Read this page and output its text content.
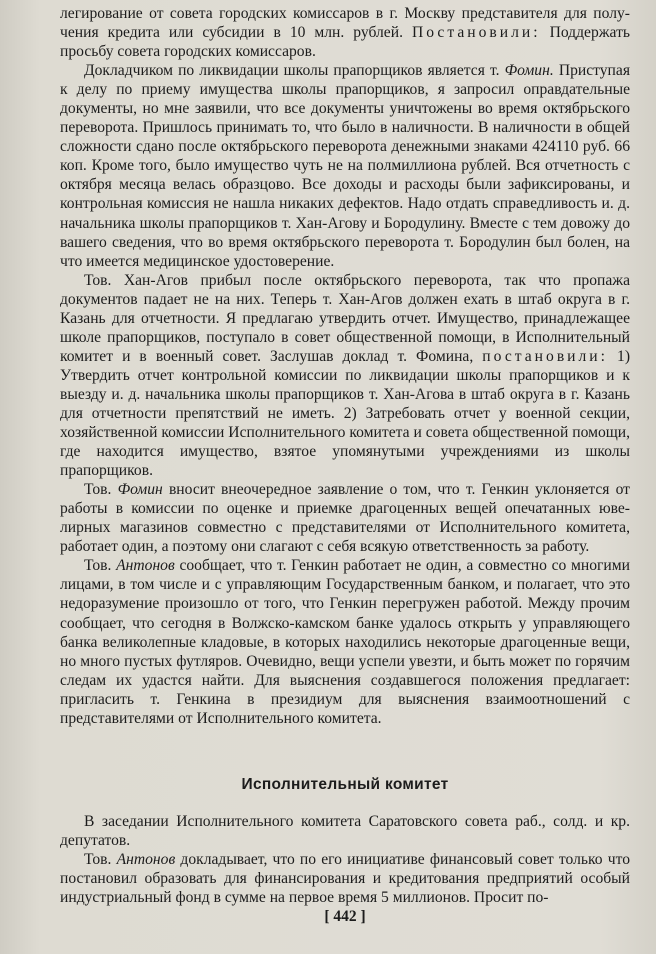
легирование от совета городских комиссаров в г. Москву представителя для получения кредита или субсидии в 10 млн. рублей. Постановили: Поддержать просьбу совета городских комиссаров.

Докладчиком по ликвидации школы прапорщиков является т. Фомин. Приступая к делу по приему имущества школы прапорщиков, я запросил оправдательные документы, но мне заявили, что все документы уничтожены во время октябрьского переворота. Пришлось принимать то, что было в наличности. В наличности в общей сложности сдано после октябрьского переворота денежными знаками 424110 руб. 66 коп. Кроме того, было имущество чуть не на полмиллиона рублей. Вся отчетность с октября месяца велась образцово. Все доходы и расходы были зафиксированы, и контрольная комиссия не нашла никаких дефектов. Надо отдать справедливость и. д. начальника школы прапорщиков т. Хан-Агову и Бородулину. Вместе с тем довожу до вашего сведения, что во время октябрьского переворота т. Бородулин был болен, на что имеется медицинское удостоверение.

Тов. Хан-Агов прибыл после октябрьского переворота, так что пропажа документов падает не на них. Теперь т. Хан-Агов должен ехать в штаб округа в г. Казань для отчетности. Я предлагаю утвердить отчет. Имущество, принадлежащее школе прапорщиков, поступало в совет общественной помощи, в Исполнительный комитет и в военный совет. Заслушав доклад т. Фомина, постановили: 1) Утвердить отчет контрольной комиссии по ликвидации школы прапорщиков и к выезду и. д. начальника школы прапорщиков т. Хан-Агова в штаб округа в г. Казань для отчетности препятствий не иметь. 2) Затребовать отчет у военной секции, хозяйственной комиссии Исполнительного комитета и совета общественной помощи, где находится имущество, взятое упомянутыми учреждениями из школы прапорщиков.

Тов. Фомин вносит внеочередное заявление о том, что т. Генкин уклоняется от работы в комиссии по оценке и приемке драгоценных вещей опечатанных ювелирных магазинов совместно с представителями от Исполнительного комитета, работает один, а поэтому они слагают с себя всякую ответственность за работу.

Тов. Антонов сообщает, что т. Генкин работает не один, а совместно со многими лицами, в том числе и с управляющим Государственным банком, и полагает, что это недоразумение произошло от того, что Генкин перегружен работой. Между прочим сообщает, что сегодня в Волжско-камском банке удалось открыть у управляющего банка великолепные кладовые, в которых находились некоторые драгоценные вещи, но много пустых футляров. Очевидно, вещи успели увезти, и быть может по горячим следам их удастся найти. Для выяснения создавшегося положения предлагает: пригласить т. Генкина в президиум для выяснения взаимоотношений с представителями от Исполнительного комитета.

Исполнительный комитет

В заседании Исполнительного комитета Саратовского совета раб., солд. и кр. депутатов.

Тов. Антонов докладывает, что по его инициативе финансовый совет только что постановил образовать для финансирования и кредитования предприятий особый индустриальный фонд в сумме на первое время 5 миллионов. Просит по-

[ 442 ]
